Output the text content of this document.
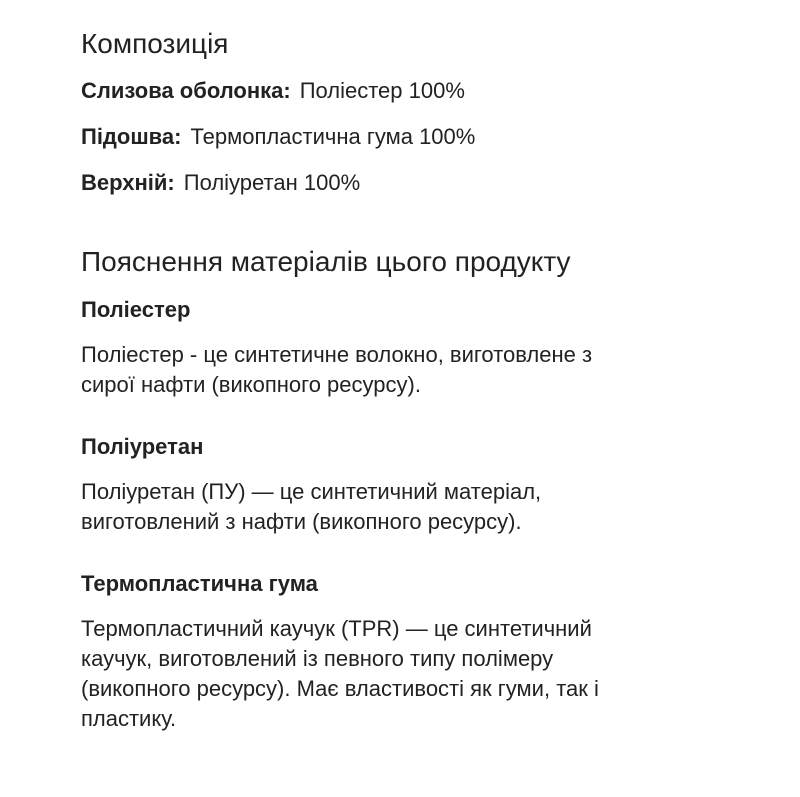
Композиція

Слизова оболонка: Поліестер 100%

Підошва: Термопластична гума 100%

Верхній: Поліуретан 100%

Пояснення матеріалів цього продукту
Поліестер

Поліестер - це синтетичне волокно, виготовлене з
сирої нафти (викопного ресурсу).

Поліуретан

Поліуретан (ПУ) — це синтетичний матеріал,
виготовлений з нафти (викопного ресурсу).

Термопластична гума

Термопластичний каучук (TPR) — це синтетичний
каучук, виготовлений із певного типу полімеру
(викопного ресурсу). Має властивості як гуми, так і
пластику.
